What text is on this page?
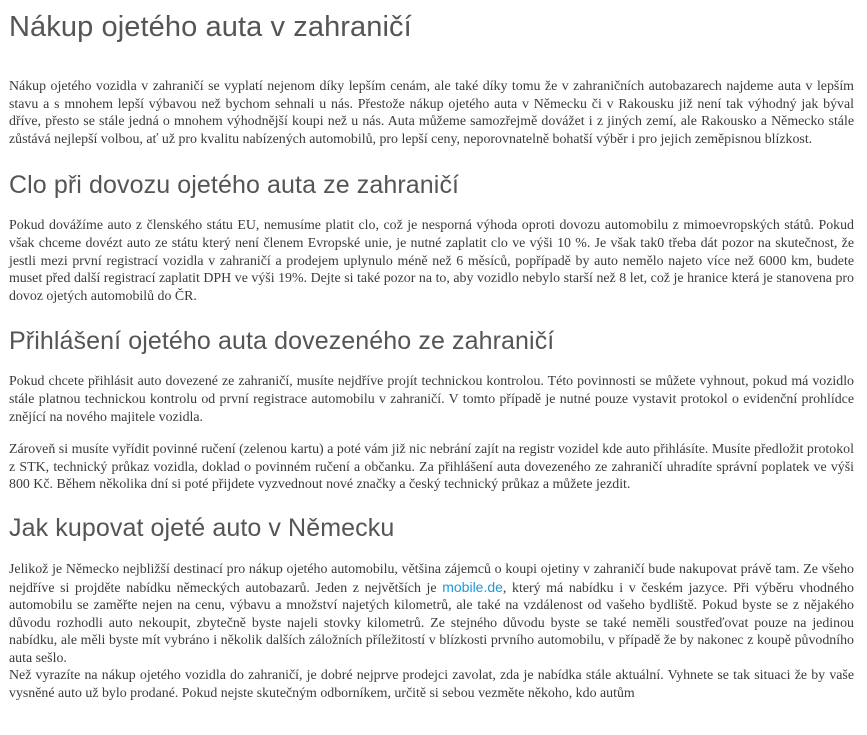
Nákup ojetého auta v zahraničí

Nákup ojetého vozidla v zahraničí se vyplatí nejenom díky lepším cenám, ale také díky tomu že v zahraničních autobazarech najdeme auta v lepším stavu a s mnohem lepší výbavou než bychom sehnali u nás. Přestože nákup ojetého auta v Německu či v Rakousku již není tak výhodný jak býval dříve, přesto se stále jedná o mnohem výhodnější koupi než u nás. Auta můžeme samozřejmě dovážet i z jiných zemí, ale Rakousko a Německo stále zůstává nejlepší volbou, ať už pro kvalitu nabízených automobilů, pro lepší ceny, neporovnatelně bohatší výběr i pro jejich zeměpisnou blízkost.

Clo při dovozu ojetého auta ze zahraničí

Pokud dovážíme auto z členského státu EU, nemusíme platit clo, což je nesporná výhoda oproti dovozu automobilu z mimoevropských států. Pokud však chceme dovézt auto ze státu který není členem Evropské unie, je nutné zaplatit clo ve výši 10 %. Je však tak0 třeba dát pozor na skutečnost, že jestli mezi první registrací vozidla v zahraničí a prodejem uplynulo méně než 6 měsíců, popřípadě by auto nemělo najeto více než 6000 km, budete muset před další registrací zaplatit DPH ve výši 19%. Dejte si také pozor na to, aby vozidlo nebylo starší než 8 let, což je hranice která je stanovena pro dovoz ojetých automobilů do ČR.

Přihlášení ojetého auta dovezeného ze zahraničí

Pokud chcete přihlásit auto dovezené ze zahraničí, musíte nejdříve projít technickou kontrolou. Této povinnosti se můžete vyhnout, pokud má vozidlo stále platnou technickou kontrolu od první registrace automobilu v zahraničí. V tomto případě je nutné pouze vystavit protokol o evidenční prohlídce znějící na nového majitele vozidla.

Zároveň si musíte vyřídit povinné ručení (zelenou kartu) a poté vám již nic nebrání zajít na registr vozidel kde auto přihlásíte. Musíte předložit protokol z STK, technický průkaz vozidla, doklad o povinném ručení a občanku. Za přihlášení auta dovezeného ze zahraničí uhradíte správní poplatek ve výši 800 Kč. Během několika dní si poté přijdete vyzvednout nové značky a český technický průkaz a můžete jezdit.

Jak kupovat ojeté auto v Německu

Jelikož je Německo nejbližší destinací pro nákup ojetého automobilu, většina zájemců o koupi ojetiny v zahraničí bude nakupovat právě tam. Ze všeho nejdříve si projděte nabídku německých autobazarů. Jeden z největších je mobile.de, který má nabídku i v českém jazyce. Při výběru vhodného automobilu se zaměřte nejen na cenu, výbavu a množství najetých kilometrů, ale také na vzdálenost od vašeho bydliště. Pokud byste se z nějakého důvodu rozhodli auto nekoupit, zbytečně byste najeli stovky kilometrů. Ze stejného důvodu byste se také neměli soustřeďovat pouze na jedinou nabídku, ale měli byste mít vybráno i několik dalších záložních příležitostí v blízkosti prvního automobilu, v případě že by nakonec z koupě původního auta sešlo.

Než vyrazíte na nákup ojetého vozidla do zahraničí, je dobré nejprve prodejci zavolat, zda je nabídka stále aktuální. Vyhnete se tak situaci že by vaše vysněné auto už bylo prodané. Pokud nejste skutečným odborníkem, určitě si sebou vezměte někoho, kdo autům
